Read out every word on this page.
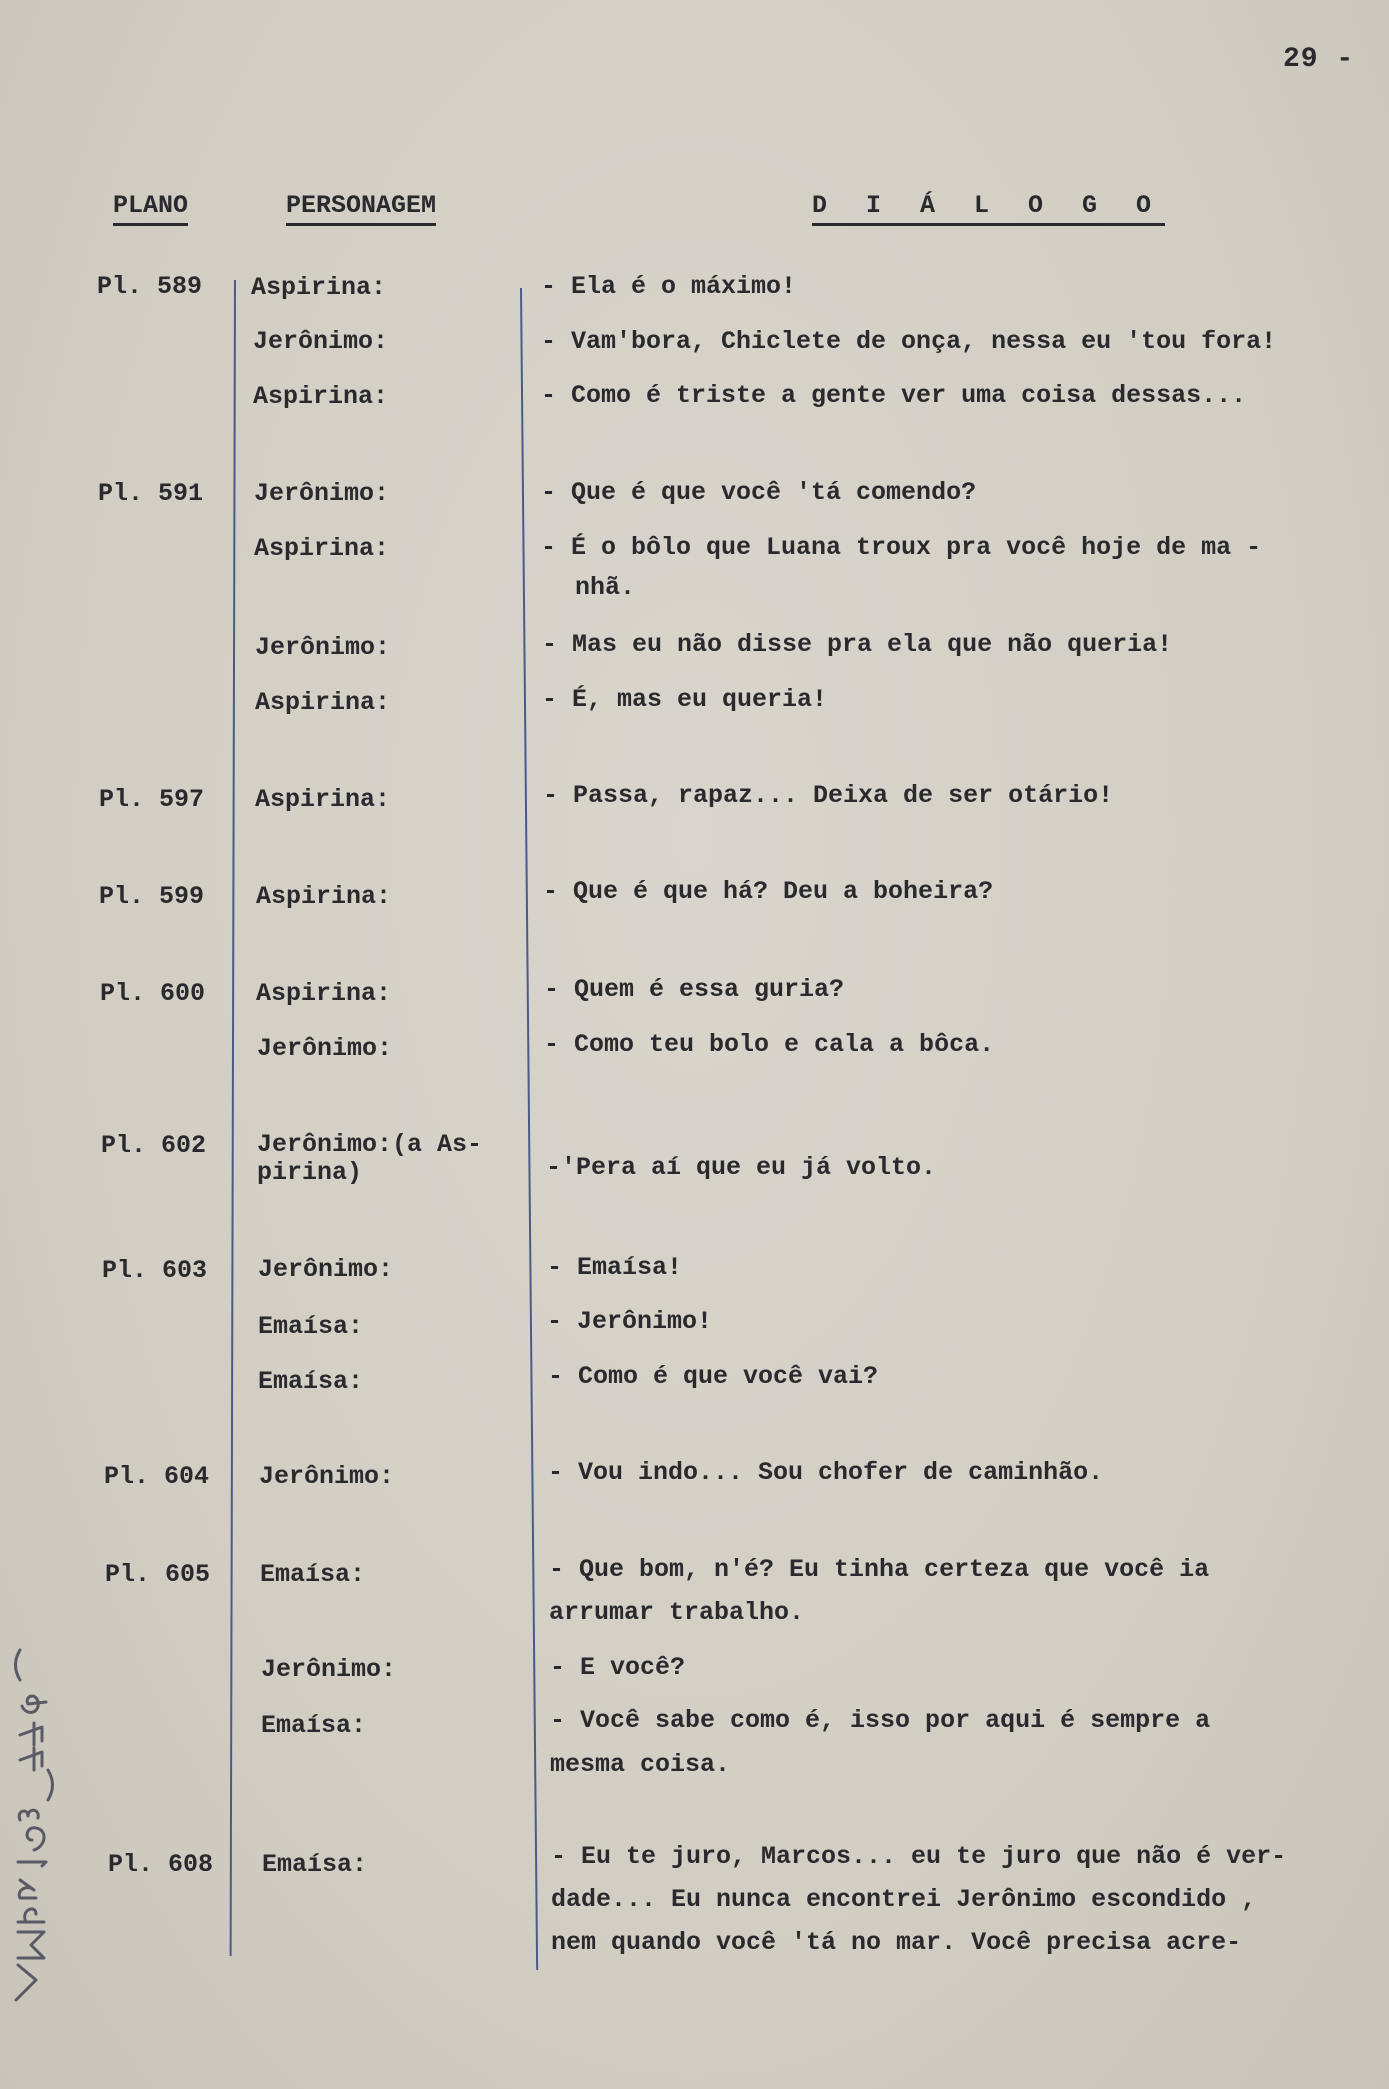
29 -
PLANO	PERSONAGEM	D I Á L O G O
Pl. 589 Aspirina:	- Ela é o máximo!
Jerônimo:	- Vam'bora, Chiclete de onça, nessa eu 'tou fora!
Aspirina:	- Como é triste a gente ver uma coisa dessas...
Pl. 591 Jerônimo:	- Que é que você 'tá comendo?
Aspirina:	- É o bôlo que Luana troux pra você hoje de ma -
nhã.
Jerônimo:	- Mas eu não disse pra ela que não queria!
Aspirina:	- É, mas eu queria!
Pl. 597 Aspirina:	- Passa, rapaz... Deixa de ser otário!
Pl. 599 Aspirina:	- Que é que há? Deu a boheira?
Pl. 600 Aspirina:	- Quem é essa guria?
Jerônimo:	- Como teu bolo e cala a bôca.
Pl. 602 Jerônimo:(a As-
pirina)	-'Pera aí que eu já volto.
Pl. 603 Jerônimo:	- Emaísa!
Emaísa:	- Jerônimo!
Emaísa:	- Como é que você vai?
Pl. 604 Jerônimo:	- Vou indo... Sou chofer de caminhão.
Pl. 605 Emaísa:	- Que bom, n'é? Eu tinha certeza que você ia
arrumar trabalho.
Jerônimo:	- E você?
Emaísa:	- Você sabe como é, isso por aqui é sempre a
mesma coisa.
Pl. 608 Emaísa:	- Eu te juro, Marcos... eu te juro que não é ver-
dade... Eu nunca encontrei Jerônimo escondido ,
nem quando você 'tá no mar. Você precisa acre-
